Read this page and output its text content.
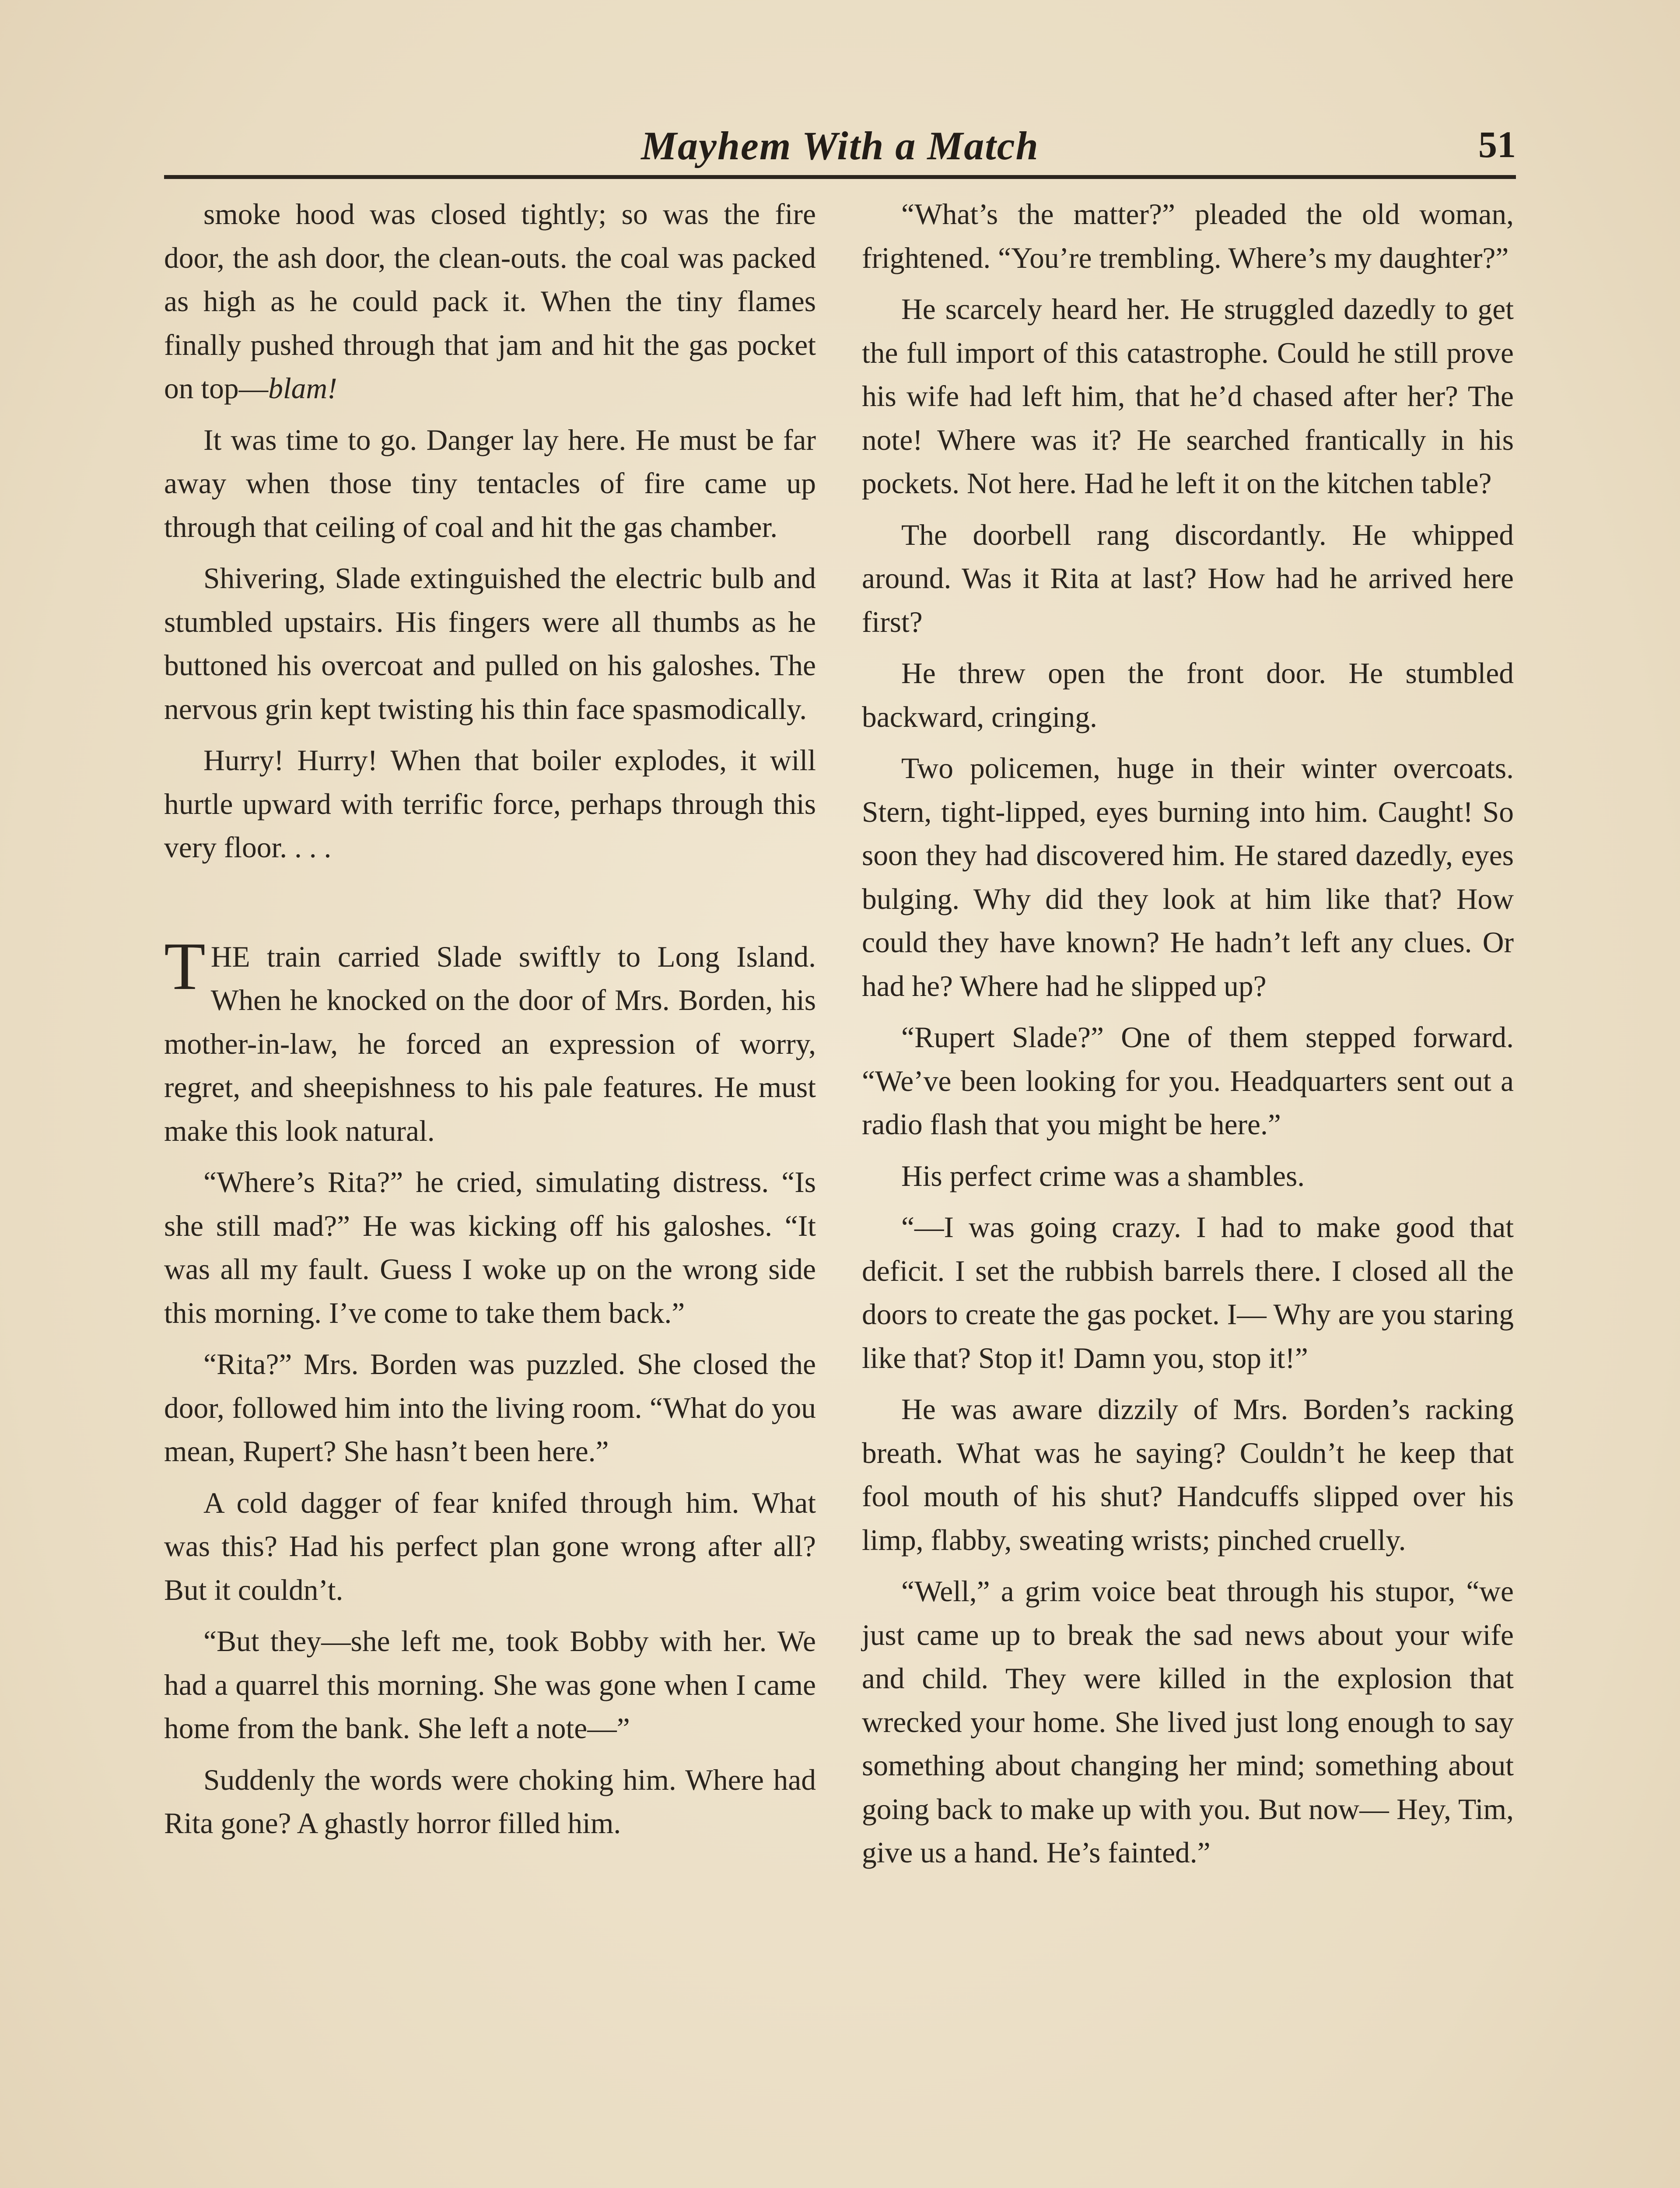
Mayhem With a Match	51

smoke hood was closed tightly; so was the fire door, the ash door, the clean-outs. the coal was packed as high as he could pack it. When the tiny flames finally pushed through that jam and hit the gas pocket on top—blam!

It was time to go. Danger lay here. He must be far away when those tiny tentacles of fire came up through that ceiling of coal and hit the gas chamber.

Shivering, Slade extinguished the electric bulb and stumbled upstairs. His fingers were all thumbs as he buttoned his overcoat and pulled on his galoshes. The nervous grin kept twisting his thin face spasmodically.

Hurry! Hurry! When that boiler explodes, it will hurtle upward with terrific force, perhaps through this very floor. . . .

THE train carried Slade swiftly to Long Island. When he knocked on the door of Mrs. Borden, his mother-in-law, he forced an expression of worry, regret, and sheepishness to his pale features. He must make this look natural.

“Where’s Rita?” he cried, simulating distress. “Is she still mad?” He was kicking off his galoshes. “It was all my fault. Guess I woke up on the wrong side this morning. I’ve come to take them back.”

“Rita?” Mrs. Borden was puzzled. She closed the door, followed him into the living room. “What do you mean, Rupert? She hasn’t been here.”

A cold dagger of fear knifed through him. What was this? Had his perfect plan gone wrong after all? But it couldn’t.

“But they—she left me, took Bobby with her. We had a quarrel this morning. She was gone when I came home from the bank. She left a note—”

Suddenly the words were choking him. Where had Rita gone? A ghastly horror filled him.

“What’s the matter?” pleaded the old woman, frightened. “You’re trembling. Where’s my daughter?”

He scarcely heard her. He struggled dazedly to get the full import of this catastrophe. Could he still prove his wife had left him, that he’d chased after her? The note! Where was it? He searched frantically in his pockets. Not here. Had he left it on the kitchen table?

The doorbell rang discordantly. He whipped around. Was it Rita at last? How had he arrived here first?

He threw open the front door. He stumbled backward, cringing.

Two policemen, huge in their winter overcoats. Stern, tight-lipped, eyes burning into him. Caught! So soon they had discovered him. He stared dazedly, eyes bulging. Why did they look at him like that? How could they have known? He hadn’t left any clues. Or had he? Where had he slipped up?

“Rupert Slade?” One of them stepped forward. “We’ve been looking for you. Headquarters sent out a radio flash that you might be here.”

His perfect crime was a shambles.

“—I was going crazy. I had to make good that deficit. I set the rubbish barrels there. I closed all the doors to create the gas pocket. I— Why are you staring like that? Stop it! Damn you, stop it!”

He was aware dizzily of Mrs. Borden’s racking breath. What was he saying? Couldn’t he keep that fool mouth of his shut? Handcuffs slipped over his limp, flabby, sweating wrists; pinched cruelly.

“Well,” a grim voice beat through his stupor, “we just came up to break the sad news about your wife and child. They were killed in the explosion that wrecked your home. She lived just long enough to say something about changing her mind; something about going back to make up with you. But now— Hey, Tim, give us a hand. He’s fainted.”
